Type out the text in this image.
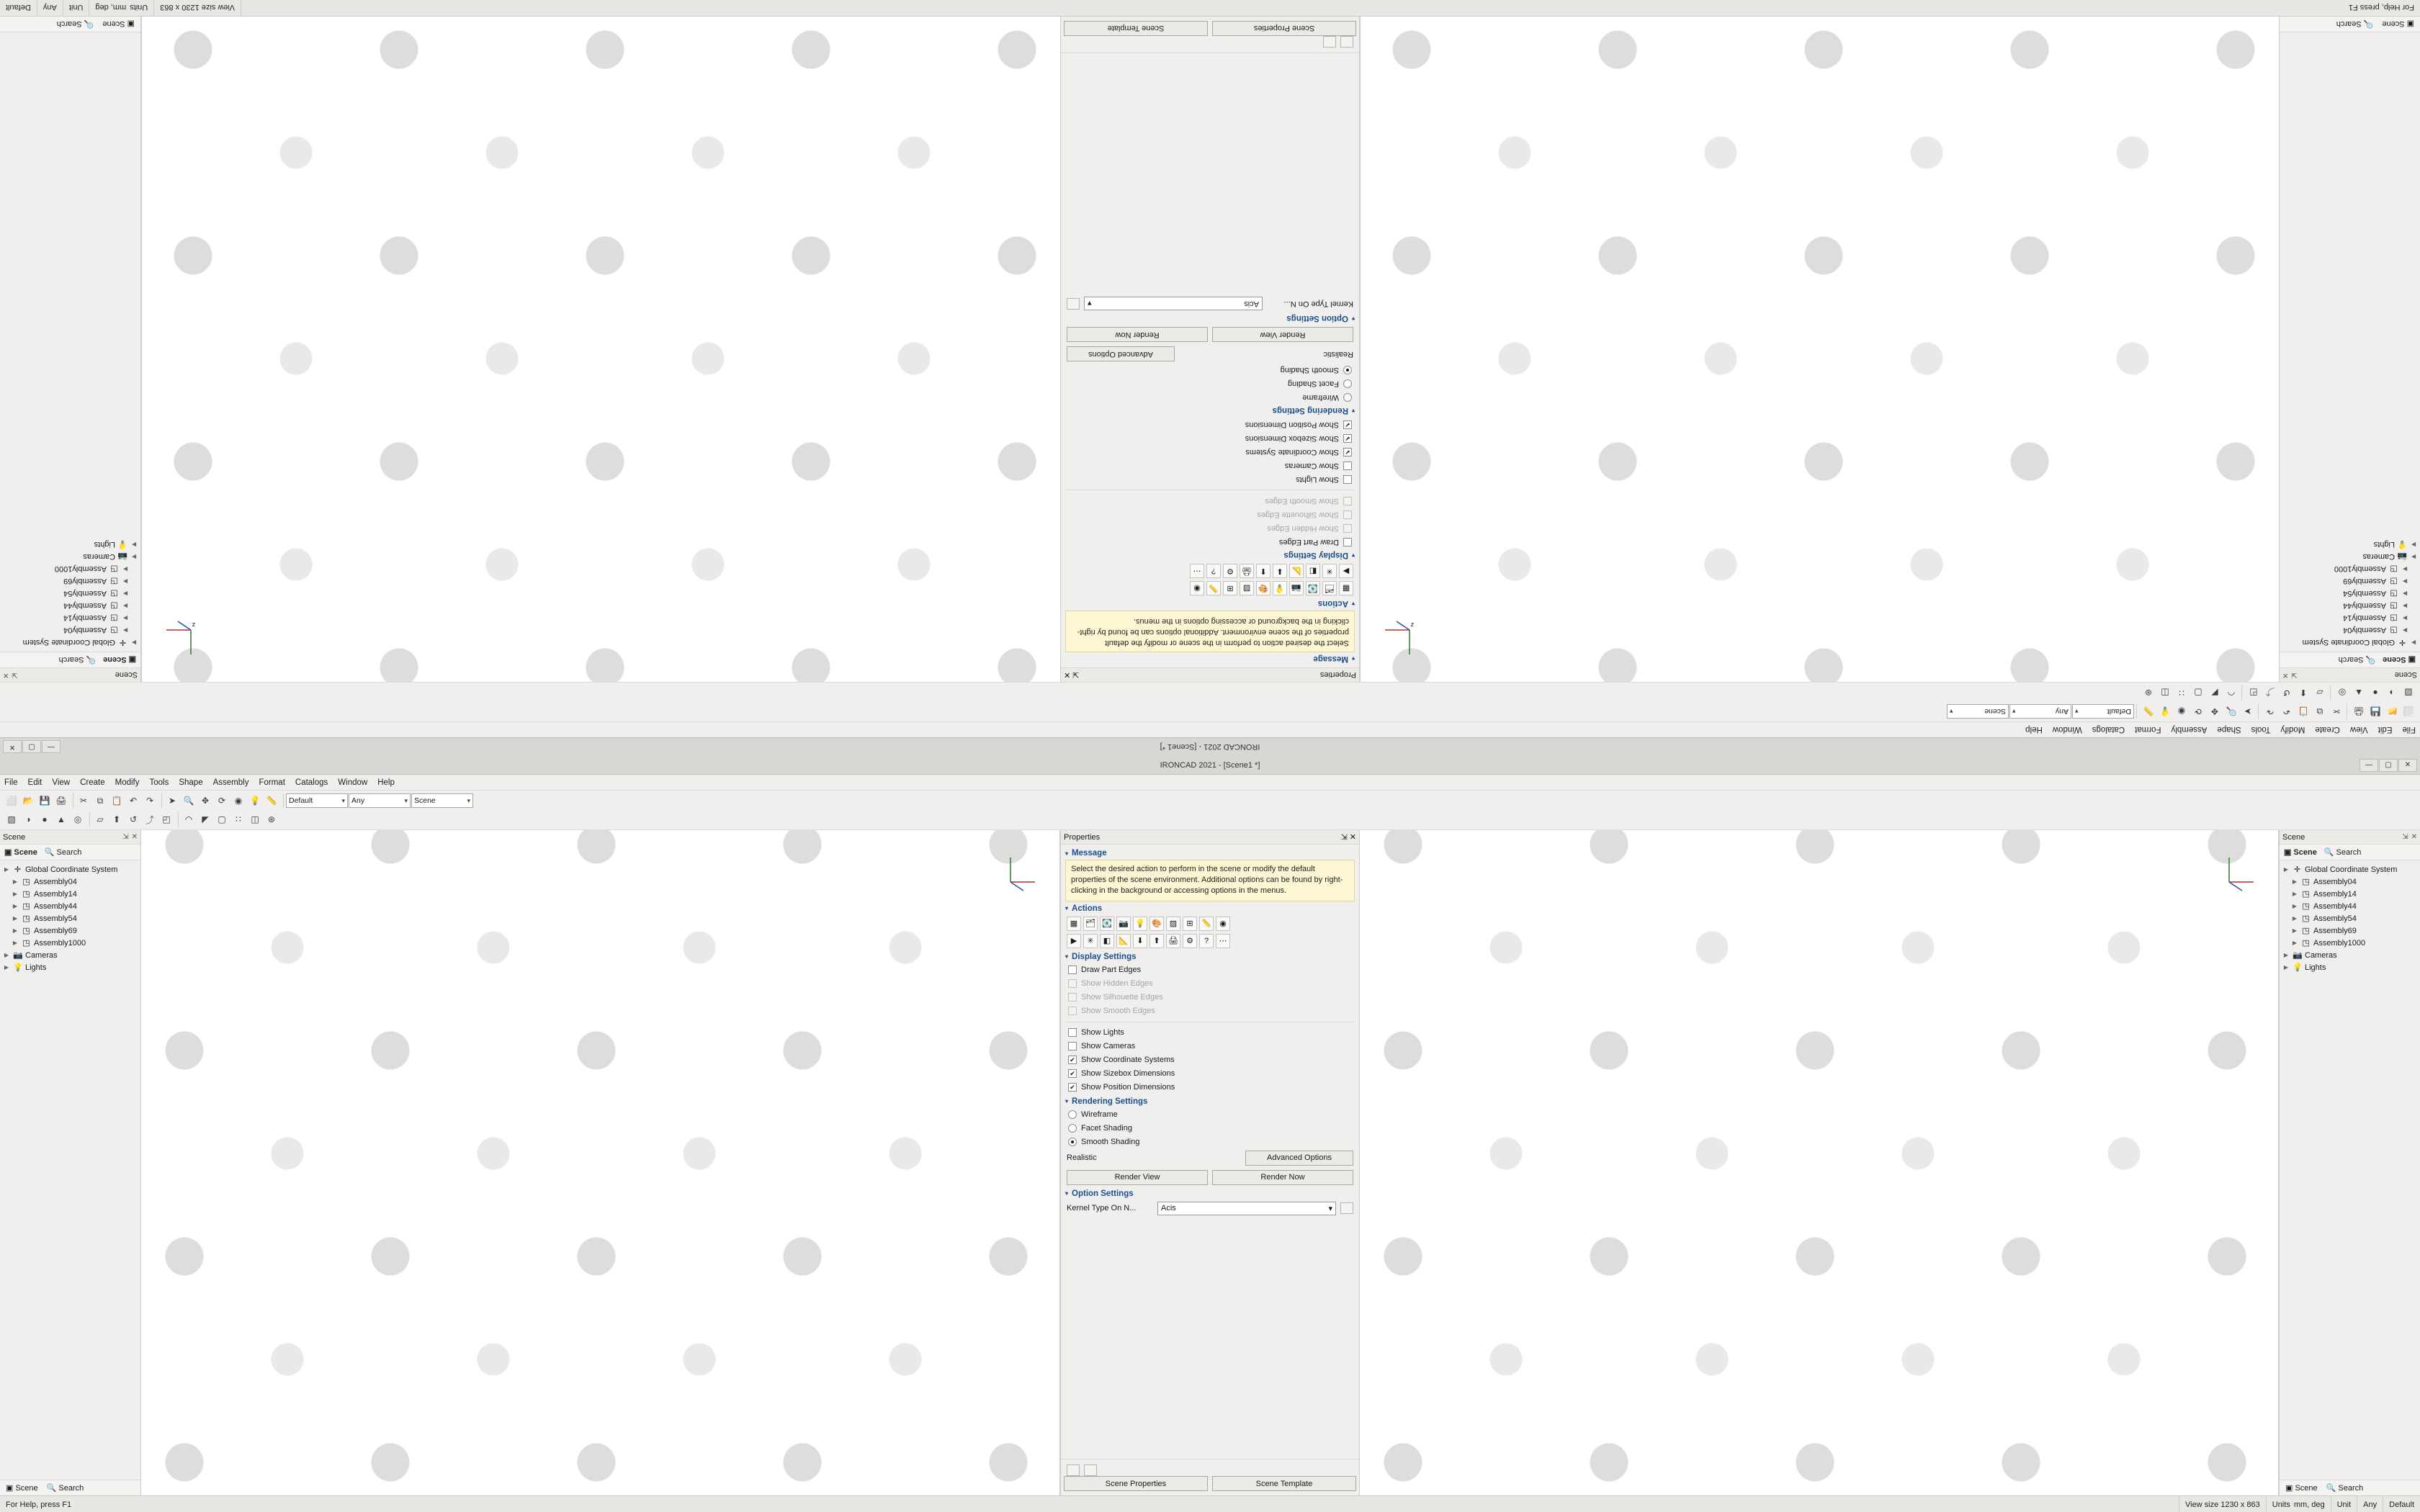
IRONCAD 2021 - [Scene1 *]
—
▢
✕
File
Edit
View
Create
Modify
Tools
Shape
Assembly
Format
Catalogs
Window
Help
⬜
📂
💾
🖨
✂
⧉
📋
↶
↷
➤
🔍
✥
⟳
◉
💡
📏
Default
▾
Any
▾
Scene
▾
▧
◑
●
▲
◎
▱
⬆
↺
⤴
◰
◠
◤
▢
∷
◫
⊛
Scene
⇲
✕
▣
Scene
🔍
Search
▶
✛
Global Coordinate System
▶
◳
Assembly04
▶
◳
Assembly14
▶
◳
Assembly44
▶
◳
Assembly54
▶
◳
Assembly69
▶
◳
Assembly1000
▶
📷
Cameras
▶
💡
Lights
▣ Scene
🔍 Search
z
Properties
⇲ ✕
▾
Message
Select the desired action to perform in the scene or modify the default properties of the scene environment. Additional options can be found by right-clicking in the background or accessing options in the menus.
▾
Actions
▦
🗂
💽
📷
💡
🎨
▨
⊞
📏
◉
▶
✳
◧
📐
⬇
⬆
🖨
⚙
?
⋯
▾
Display Settings
Draw Part Edges
Show Hidden Edges
Show Silhouette Edges
Show Smooth Edges
Show Lights
Show Cameras
✔
Show Coordinate Systems
✔
Show Sizebox Dimensions
✔
Show Position Dimensions
▾
Rendering Settings
Wireframe
Facet Shading
Smooth Shading
Realistic
Advanced Options
Render View
Render Now
▾
Option Settings
Kernel Type On N...
Acis
▾
Scene Properties
Scene Template
z
Scene
⇲
✕
▣
Scene
🔍
Search
▶
✛
Global Coordinate System
▶
◳
Assembly04
▶
◳
Assembly14
▶
◳
Assembly44
▶
◳
Assembly54
▶
◳
Assembly69
▶
◳
Assembly1000
▶
📷
Cameras
▶
💡
Lights
▣ Scene
🔍 Search
For Help, press F1
View size 1230 x 863
Units
mm, deg
Unit
Any
Default
IRONCAD 2021 - [Scene1 *]	—	▢	✕
File Edit View Create Modify Tools Shape Assembly Format Catalogs Window Help
⬜ 📂 💾 🖨	✂	⧉ 📋 ↶	↷	➤ 🔍 ✥	⟳	◉ 💡 📏	Default	▾ Any	▾ Scene	▾
▧	◑	●	▲ ◎	▱	⬆	↺ ⤴ ◰	◠	◤	▢	∷	◫	⊛
Scene	⇲ ✕
▣ Scene 🔍 Search
▶ ✛ Global Coordinate System
▶ ◳ Assembly04
▶ ◳ Assembly14
▶ ◳ Assembly44
▶ ◳ Assembly54
▶ ◳ Assembly69
▶ ◳ Assembly1000
▶ 📷 Cameras
▶ 💡 Lights
▣ Scene 🔍 Search
Properties	⇲ ✕
▾ Message
Select the desired action to perform in the scene or modify the default properties of the scene environment. Additional options can be found by right-clicking in the background or accessing options in the menus.
▾ Actions
▦ 🗂 💽 📷 💡 🎨 ▨	⊞	📏	◉
▶	✳	◧ 📐	⬇	⬆	🖨	⚙	?	⋯
▾ Display Settings
Draw Part Edges
Show Hidden Edges
Show Silhouette Edges
Show Smooth Edges
Show Lights
Show Cameras
✔ Show Coordinate Systems
✔ Show Sizebox Dimensions
✔ Show Position Dimensions
▾ Rendering Settings
Wireframe
Facet Shading
Smooth Shading
Realistic	Advanced Options
Render View	Render Now
▾ Option Settings
Kernel Type On N...	Acis	▾
Scene Properties	Scene Template
Scene	⇲ ✕
▣ Scene 🔍 Search
▶ ✛ Global Coordinate System
▶ ◳ Assembly04
▶ ◳ Assembly14
▶ ◳ Assembly44
▶ ◳ Assembly54
▶ ◳ Assembly69
▶ ◳ Assembly1000
▶ 📷 Cameras
▶ 💡 Lights
▣ Scene 🔍 Search
For Help, press F1	View size 1230 x 863	Units mm, deg	Unit	Any	Default
